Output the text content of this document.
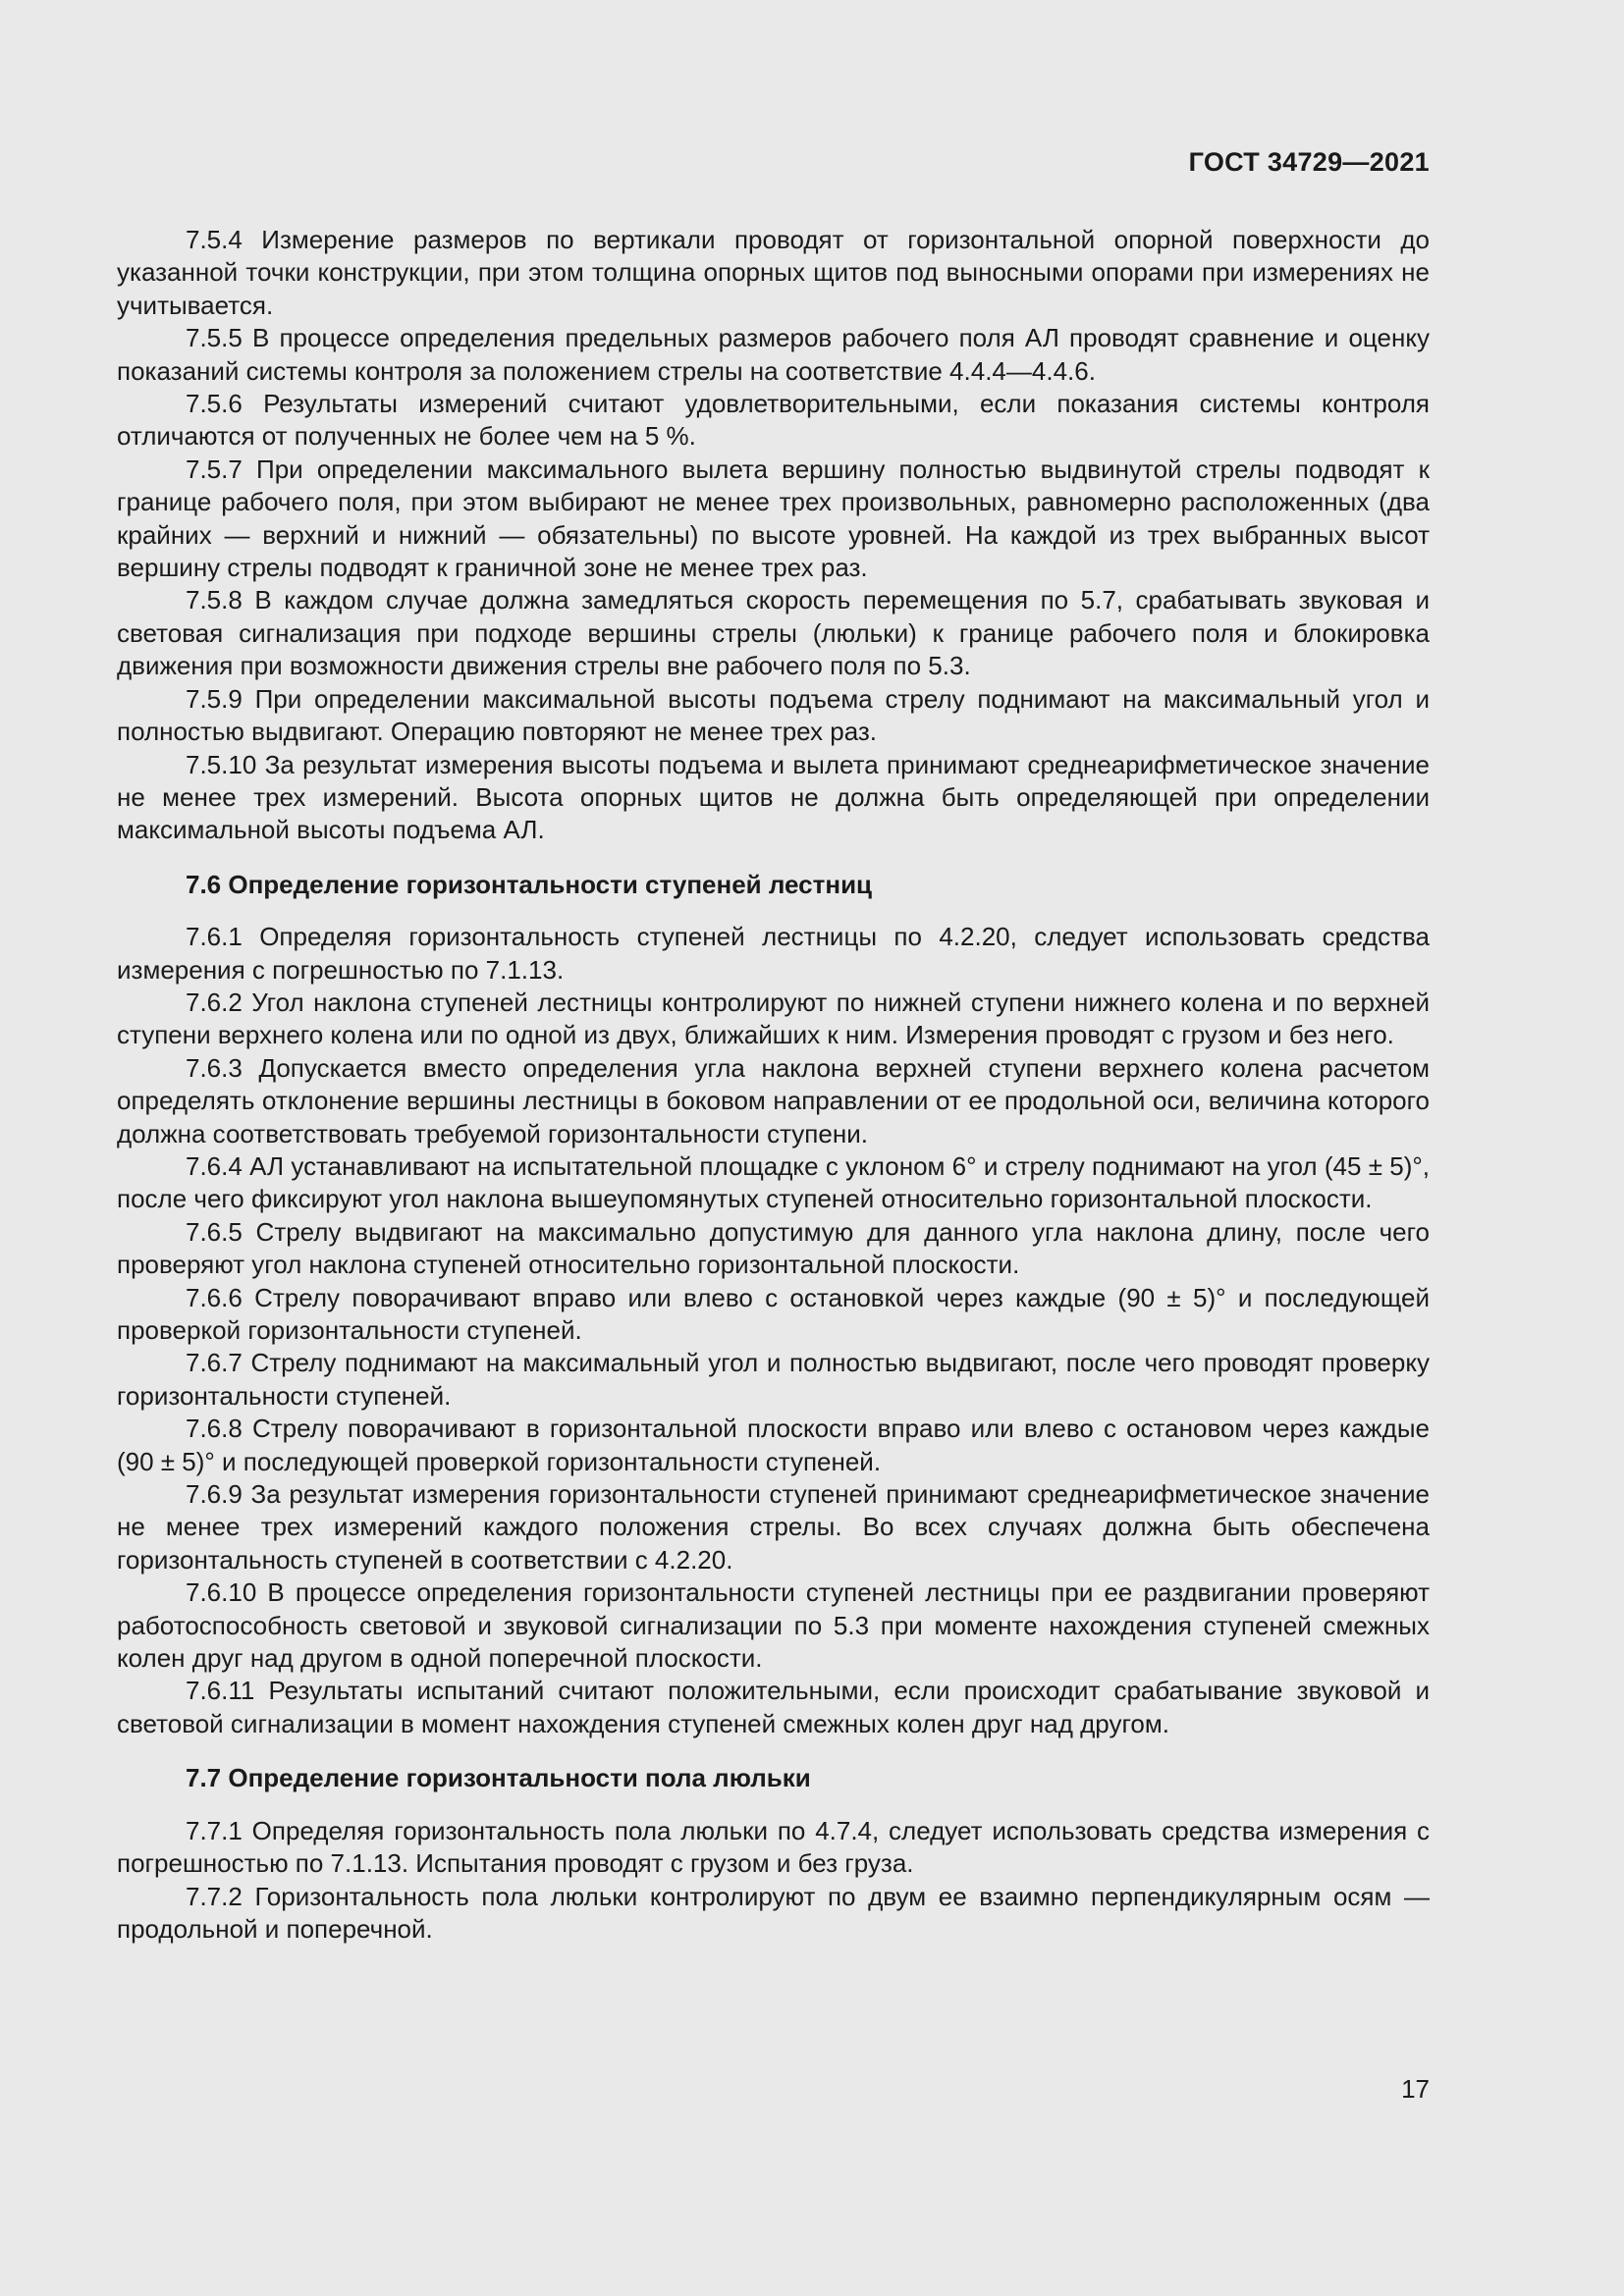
ГОСТ 34729—2021

7.5.4 Измерение размеров по вертикали проводят от горизонтальной опорной поверхности до указанной точки конструкции, при этом толщина опорных щитов под выносными опорами при измерениях не учитывается.

7.5.5 В процессе определения предельных размеров рабочего поля АЛ проводят сравнение и оценку показаний системы контроля за положением стрелы на соответствие 4.4.4—4.4.6.

7.5.6 Результаты измерений считают удовлетворительными, если показания системы контроля отличаются от полученных не более чем на 5 %.

7.5.7 При определении максимального вылета вершину полностью выдвинутой стрелы подводят к границе рабочего поля, при этом выбирают не менее трех произвольных, равномерно расположенных (два крайних — верхний и нижний — обязательны) по высоте уровней. На каждой из трех выбранных высот вершину стрелы подводят к граничной зоне не менее трех раз.

7.5.8 В каждом случае должна замедляться скорость перемещения по 5.7, срабатывать звуковая и световая сигнализация при подходе вершины стрелы (люльки) к границе рабочего поля и блокировка движения при возможности движения стрелы вне рабочего поля по 5.3.

7.5.9 При определении максимальной высоты подъема стрелу поднимают на максимальный угол и полностью выдвигают. Операцию повторяют не менее трех раз.

7.5.10 За результат измерения высоты подъема и вылета принимают среднеарифметическое значение не менее трех измерений. Высота опорных щитов не должна быть определяющей при определении максимальной высоты подъема АЛ.

7.6 Определение горизонтальности ступеней лестниц

7.6.1 Определяя горизонтальность ступеней лестницы по 4.2.20, следует использовать средства измерения с погрешностью по 7.1.13.

7.6.2 Угол наклона ступеней лестницы контролируют по нижней ступени нижнего колена и по верхней ступени верхнего колена или по одной из двух, ближайших к ним. Измерения проводят с грузом и без него.

7.6.3 Допускается вместо определения угла наклона верхней ступени верхнего колена расчетом определять отклонение вершины лестницы в боковом направлении от ее продольной оси, величина которого должна соответствовать требуемой горизонтальности ступени.

7.6.4 АЛ устанавливают на испытательной площадке с уклоном 6° и стрелу поднимают на угол (45 ± 5)°, после чего фиксируют угол наклона вышеупомянутых ступеней относительно горизонтальной плоскости.

7.6.5 Стрелу выдвигают на максимально допустимую для данного угла наклона длину, после чего проверяют угол наклона ступеней относительно горизонтальной плоскости.

7.6.6 Стрелу поворачивают вправо или влево с остановкой через каждые (90 ± 5)° и последующей проверкой горизонтальности ступеней.

7.6.7 Стрелу поднимают на максимальный угол и полностью выдвигают, после чего проводят проверку горизонтальности ступеней.

7.6.8 Стрелу поворачивают в горизонтальной плоскости вправо или влево с остановом через каждые (90 ± 5)° и последующей проверкой горизонтальности ступеней.

7.6.9 За результат измерения горизонтальности ступеней принимают среднеарифметическое значение не менее трех измерений каждого положения стрелы. Во всех случаях должна быть обеспечена горизонтальность ступеней в соответствии с 4.2.20.

7.6.10 В процессе определения горизонтальности ступеней лестницы при ее раздвигании проверяют работоспособность световой и звуковой сигнализации по 5.3 при моменте нахождения ступеней смежных колен друг над другом в одной поперечной плоскости.

7.6.11 Результаты испытаний считают положительными, если происходит срабатывание звуковой и световой сигнализации в момент нахождения ступеней смежных колен друг над другом.

7.7 Определение горизонтальности пола люльки

7.7.1 Определяя горизонтальность пола люльки по 4.7.4, следует использовать средства измерения с погрешностью по 7.1.13. Испытания проводят с грузом и без груза.

7.7.2 Горизонтальность пола люльки контролируют по двум ее взаимно перпендикулярным осям — продольной и поперечной.

17
